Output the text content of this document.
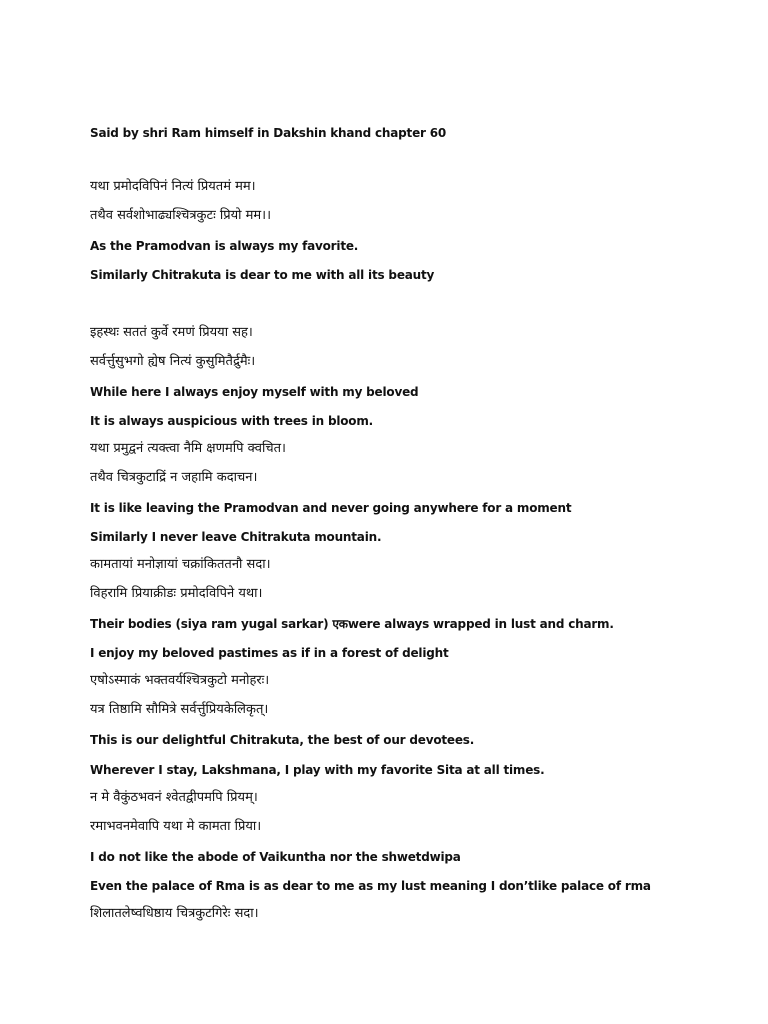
Said by shri Ram himself in Dakshin khand chapter 60
यथा प्रमोदविपिनं नित्यं प्रियतमं मम।
तथैव सर्वशोभाढ्यश्चित्रकुटः प्रियो मम।।
As the Pramodvan is always my favorite.
Similarly Chitrakuta is dear to me with all its beauty
इहस्थः सततं कुर्वे रमणं प्रियया सह।
सर्वर्त्तुसुभगो ह्येष नित्यं कुसुमितैर्द्रुमैः।
While here I always enjoy myself with my beloved
It is always auspicious with trees in bloom.
यथा प्रमुद्वनं त्यक्त्वा नैमि क्षणमपि क्वचित।
तथैव चित्रकुटाद्रिं न जहामि कदाचन।
It is like leaving the Pramodvan and never going anywhere for a moment
Similarly I never leave Chitrakuta mountain.
कामतायां मनोज्ञायां चक्रांकिततनौ सदा।
विहरामि प्रियाक्रीडः प्रमोदविपिने यथा।
Their bodies (siya ram yugal sarkar) एकwere always wrapped in lust and charm.
I enjoy my beloved pastimes as if in a forest of delight
एषोऽस्माकं भक्तवर्यश्चित्रकुटो मनोहरः।
यत्र तिष्ठामि सौमित्रे सर्वर्त्तुप्रियकेलिकृत्।
This is our delightful Chitrakuta, the best of our devotees.
Wherever I stay, Lakshmana, I play with my favorite Sita at all times.
न मे वैकुंठभवनं श्वेतद्वीपमपि प्रियम्।
रमाभवनमेवापि यथा मे कामता प्रिया।
I do not like the abode of Vaikuntha nor the shwetdwipa
Even the palace of Rma is as dear to me as my lust meaning I don’tlike palace of rma
शिलातलेष्वधिष्ठाय चित्रकुटगिरेः सदा।
